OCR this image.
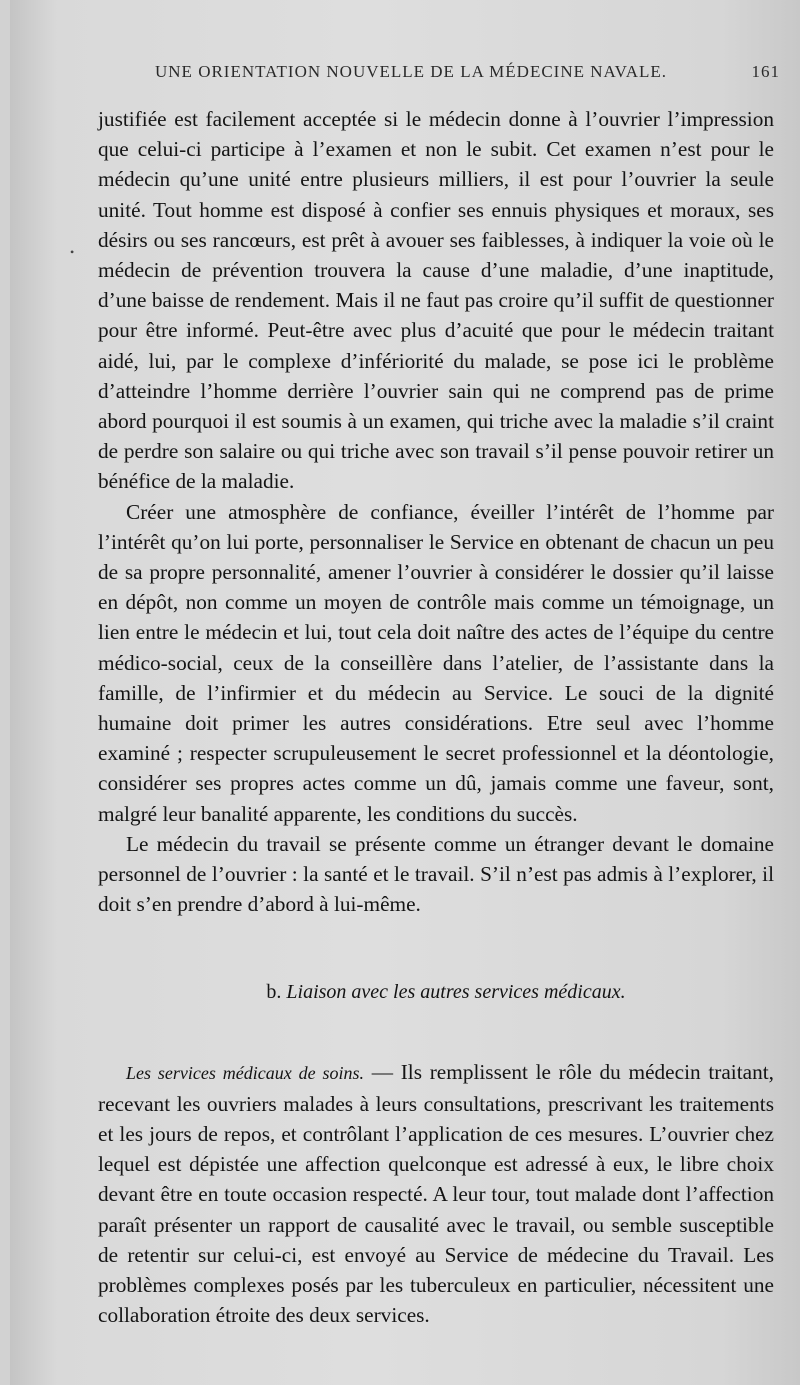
UNE ORIENTATION NOUVELLE DE LA MÉDECINE NAVALE.	161
•

justifiée est facilement acceptée si le médecin donne à l’ouvrier l’impression que celui-ci participe à l’examen et non le subit. Cet examen n’est pour le médecin qu’une unité entre plusieurs milliers, il est pour l’ouvrier la seule unité. Tout homme est disposé à confier ses ennuis physiques et moraux, ses désirs ou ses rancœurs, est prêt à avouer ses faiblesses, à indiquer la voie où le médecin de prévention trouvera la cause d’une maladie, d’une inaptitude, d’une baisse de rendement. Mais il ne faut pas croire qu’il suffit de questionner pour être informé. Peut-être avec plus d’acuité que pour le médecin traitant aidé, lui, par le complexe d’infériorité du malade, se pose ici le problème d’atteindre l’homme derrière l’ouvrier sain qui ne comprend pas de prime abord pourquoi il est soumis à un examen, qui triche avec la maladie s’il craint de perdre son salaire ou qui triche avec son travail s’il pense pouvoir retirer un bénéfice de la maladie.

Créer une atmosphère de confiance, éveiller l’intérêt de l’homme par l’intérêt qu’on lui porte, personnaliser le Service en obtenant de chacun un peu de sa propre personnalité, amener l’ouvrier à considérer le dossier qu’il laisse en dépôt, non comme un moyen de contrôle mais comme un témoignage, un lien entre le médecin et lui, tout cela doit naître des actes de l’équipe du centre médico-social, ceux de la conseillère dans l’atelier, de l’assistante dans la famille, de l’infirmier et du médecin au Service. Le souci de la dignité humaine doit primer les autres considérations. Etre seul avec l’homme examiné ; respecter scrupuleusement le secret professionnel et la déontologie, considérer ses propres actes comme un dû, jamais comme une faveur, sont, malgré leur banalité apparente, les conditions du succès.

Le médecin du travail se présente comme un étranger devant le domaine personnel de l’ouvrier : la santé et le travail. S’il n’est pas admis à l’explorer, il doit s’en prendre d’abord à lui-même.

b. Liaison avec les autres services médicaux.

Les services médicaux de soins. — Ils remplissent le rôle du médecin traitant, recevant les ouvriers malades à leurs consultations, prescrivant les traitements et les jours de repos, et contrôlant l’application de ces mesures. L’ouvrier chez lequel est dépistée une affection quelconque est adressé à eux, le libre choix devant être en toute occasion respecté. A leur tour, tout malade dont l’affection paraît présenter un rapport de causalité avec le travail, ou semble susceptible de retentir sur celui-ci, est envoyé au Service de médecine du Travail. Les problèmes complexes posés par les tuberculeux en particulier, nécessitent une collaboration étroite des deux services.
